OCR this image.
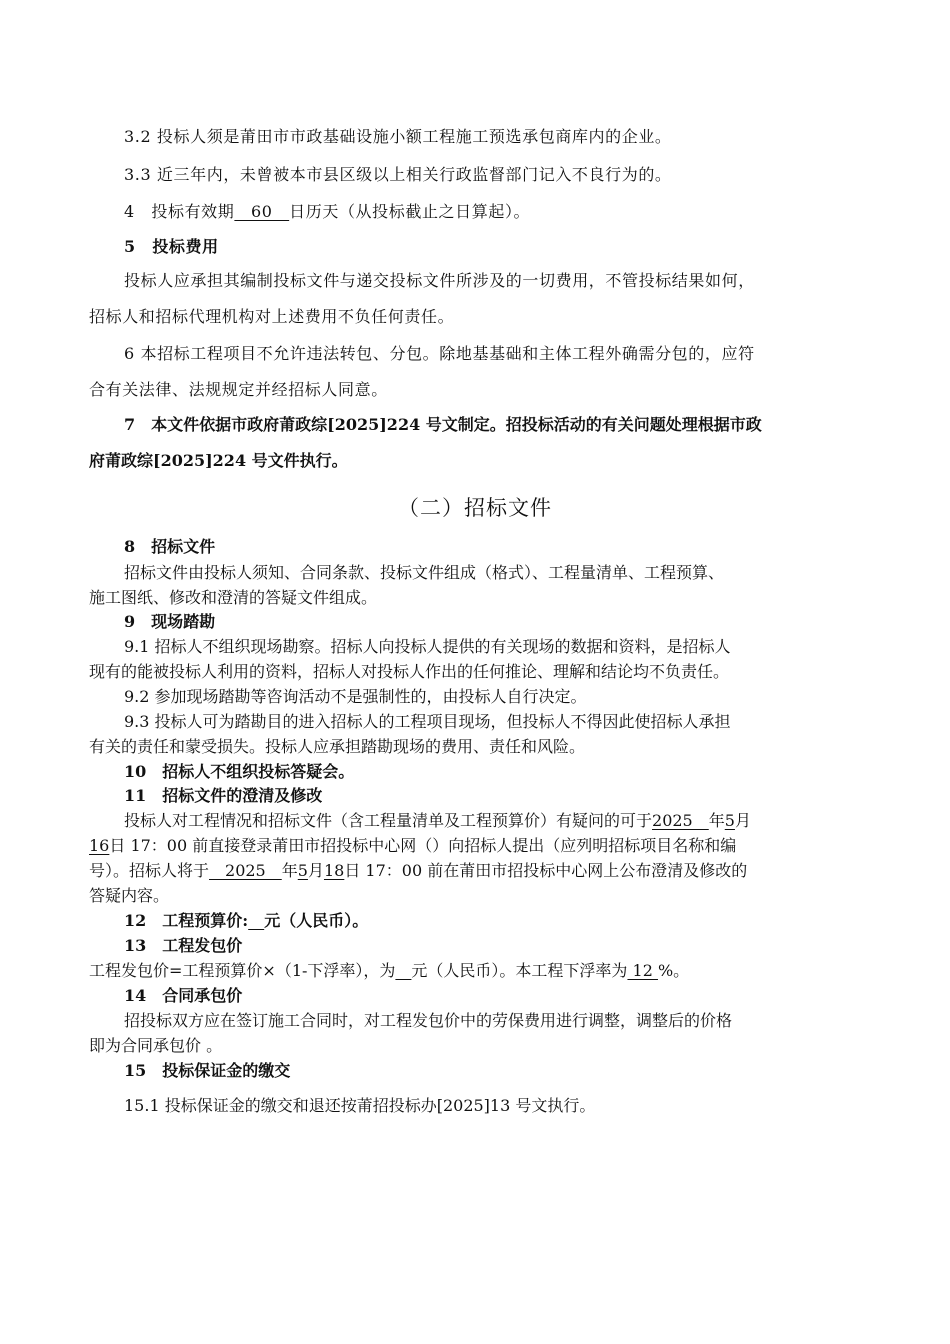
3.2 投标人须是莆田市市政基础设施小额工程施工预选承包商库内的企业。
3.3 近三年内，未曾被本市县区级以上相关行政监督部门记入不良行为的。
4　投标有效期　60　日历天（从投标截止之日算起）。
5　投标费用
投标人应承担其编制投标文件与递交投标文件所涉及的一切费用，不管投标结果如何，
招标人和招标代理机构对上述费用不负任何责任。
6 本招标工程项目不允许违法转包、分包。除地基基础和主体工程外确需分包的，应符
合有关法律、法规规定并经招标人同意。
7　本文件依据市政府莆政综[2025]224 号文制定。招投标活动的有关问题处理根据市政
府莆政综[2025]224 号文件执行。
（二）招标文件
8　招标文件
招标文件由投标人须知、合同条款、投标文件组成（格式）、工程量清单、工程预算、
施工图纸、修改和澄清的答疑文件组成。
9　现场踏勘
9.1 招标人不组织现场勘察。招标人向投标人提供的有关现场的数据和资料，是招标人
现有的能被投标人利用的资料，招标人对投标人作出的任何推论、理解和结论均不负责任。
9.2 参加现场踏勘等咨询活动不是强制性的，由投标人自行决定。
9.3 投标人可为踏勘目的进入招标人的工程项目现场，但投标人不得因此使招标人承担
有关的责任和蒙受损失。投标人应承担踏勘现场的费用、责任和风险。
10　招标人不组织投标答疑会。
11　招标文件的澄清及修改
投标人对工程情况和招标文件（含工程量清单及工程预算价）有疑问的可于2025　年5月
16日 17：00 前直接登录莆田市招投标中心网（）向招标人提出（应列明招标项目名称和编
号）。招标人将于　2025　年5月18日 17：00 前在莆田市招投标中心网上公布澄清及修改的
答疑内容。
12　工程预算价:　 元（人民币）。
13　工程发包价
工程发包价=工程预算价×（1-下浮率），为　 元（人民币）。本工程下浮率为 12 %。
14　合同承包价
招投标双方应在签订施工合同时，对工程发包价中的劳保费用进行调整，调整后的价格
即为合同承包价 。
15　投标保证金的缴交
15.1 投标保证金的缴交和退还按莆招投标办[2025]13 号文执行。
